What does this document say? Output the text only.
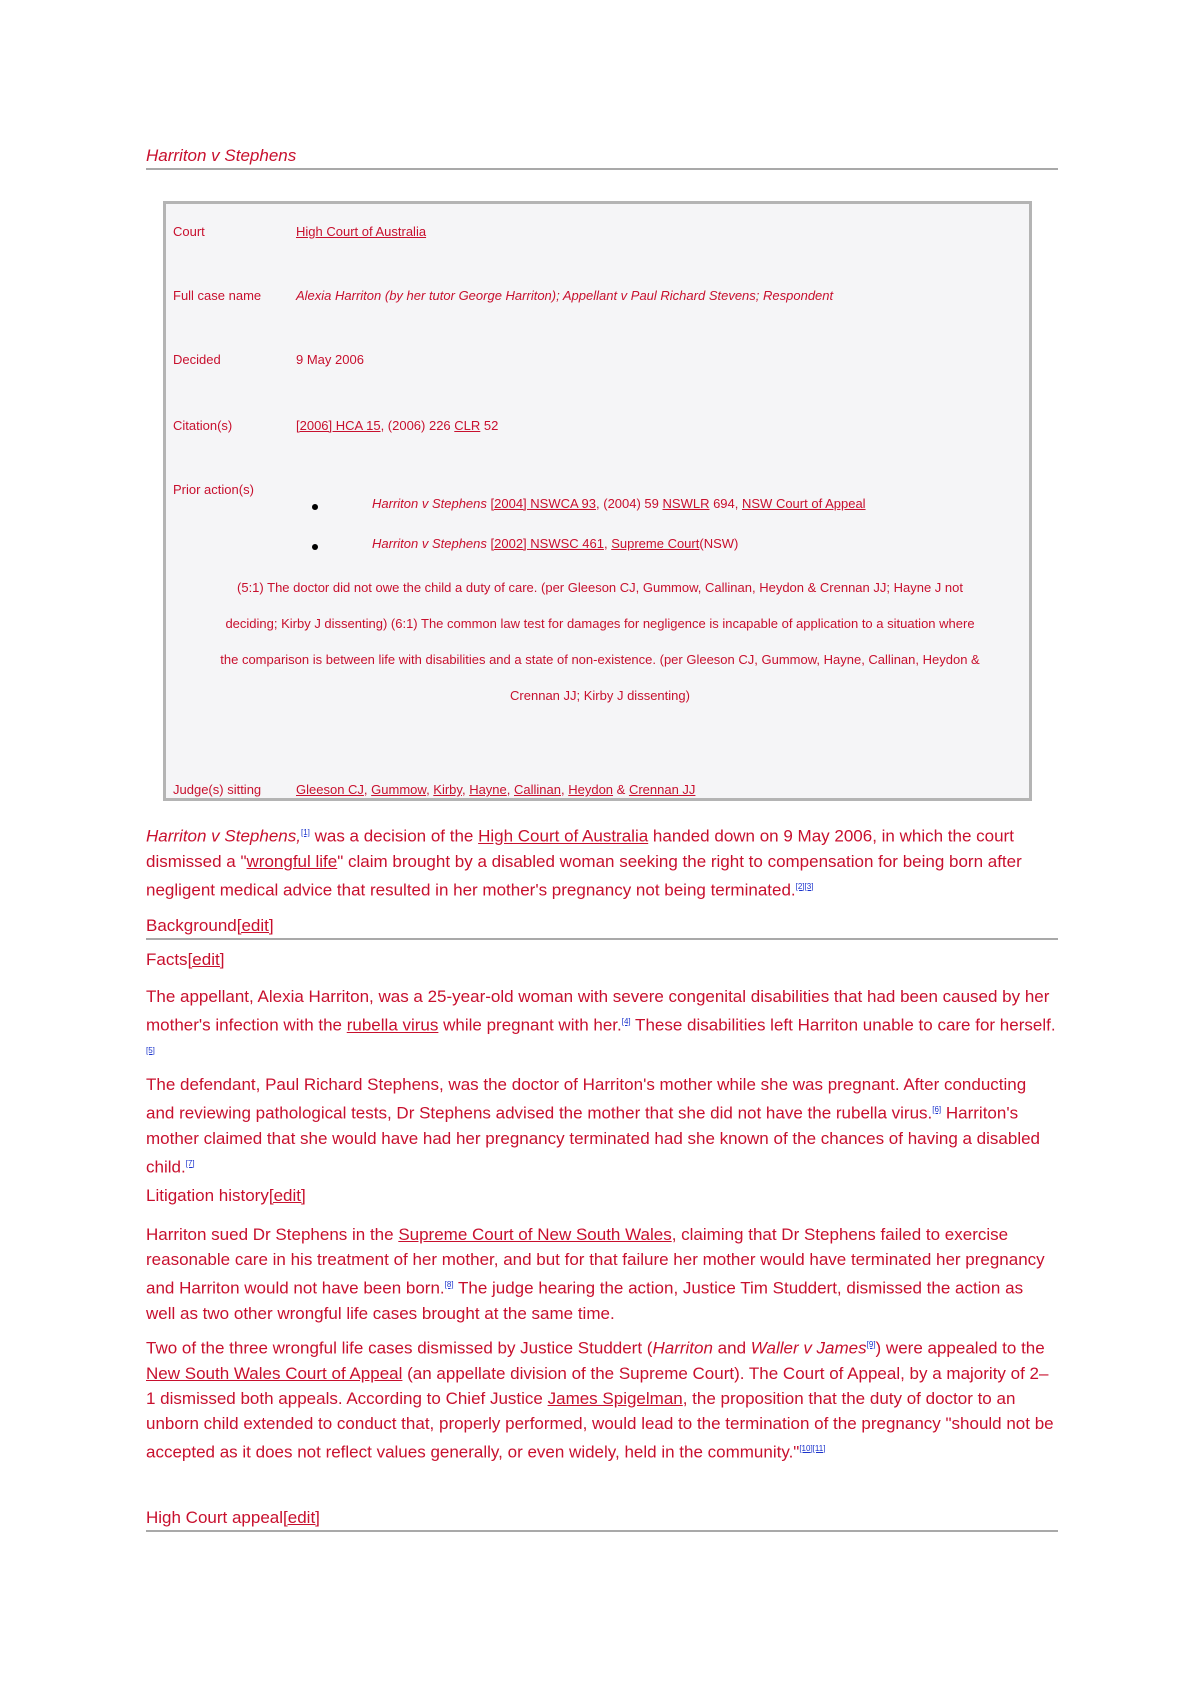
Harriton v Stephens
Court	High Court of Australia
Full case name	Alexia Harriton (by her tutor George Harriton); Appellant v Paul Richard Stevens; Respondent
Decided	9 May 2006
Citation(s)	[2006] HCA 15, (2006) 226 CLR 52
Prior action(s)
Harriton v Stephens [2004] NSWCA 93, (2004) 59 NSWLR 694, NSW Court of Appeal
Harriton v Stephens [2002] NSWSC 461, Supreme Court(NSW)
(5:1) The doctor did not owe the child a duty of care. (per Gleeson CJ, Gummow, Callinan, Heydon & Crennan JJ; Hayne J not
deciding; Kirby J dissenting) (6:1) The common law test for damages for negligence is incapable of application to a situation where
the comparison is between life with disabilities and a state of non-existence. (per Gleeson CJ, Gummow, Hayne, Callinan, Heydon &
Crennan JJ; Kirby J dissenting)
Judge(s) sitting	Gleeson CJ, Gummow, Kirby, Hayne, Callinan, Heydon & Crennan JJ

Harriton v Stephens,[1] was a decision of the High Court of Australia handed down on 9 May 2006, in which the court dismissed a "wrongful life" claim brought by a disabled woman seeking the right to compensation for being born after negligent medical advice that resulted in her mother's pregnancy not being terminated.[2][3]

Background[edit]
Facts[edit]

The appellant, Alexia Harriton, was a 25-year-old woman with severe congenital disabilities that had been caused by her mother's infection with the rubella virus while pregnant with her.[4] These disabilities left Harriton unable to care for herself.[5]

The defendant, Paul Richard Stephens, was the doctor of Harriton's mother while she was pregnant. After conducting and reviewing pathological tests, Dr Stephens advised the mother that she did not have the rubella virus.[6] Harriton's mother claimed that she would have had her pregnancy terminated had she known of the chances of having a disabled child.[7]

Litigation history[edit]

Harriton sued Dr Stephens in the Supreme Court of New South Wales, claiming that Dr Stephens failed to exercise reasonable care in his treatment of her mother, and but for that failure her mother would have terminated her pregnancy and Harriton would not have been born.[8] The judge hearing the action, Justice Tim Studdert, dismissed the action as well as two other wrongful life cases brought at the same time.

Two of the three wrongful life cases dismissed by Justice Studdert (Harriton and Waller v James[9]) were appealed to the New South Wales Court of Appeal (an appellate division of the Supreme Court). The Court of Appeal, by a majority of 2–1 dismissed both appeals. According to Chief Justice James Spigelman, the proposition that the duty of doctor to an unborn child extended to conduct that, properly performed, would lead to the termination of the pregnancy "should not be accepted as it does not reflect values generally, or even widely, held in the community."[10][11]

High Court appeal[edit]
